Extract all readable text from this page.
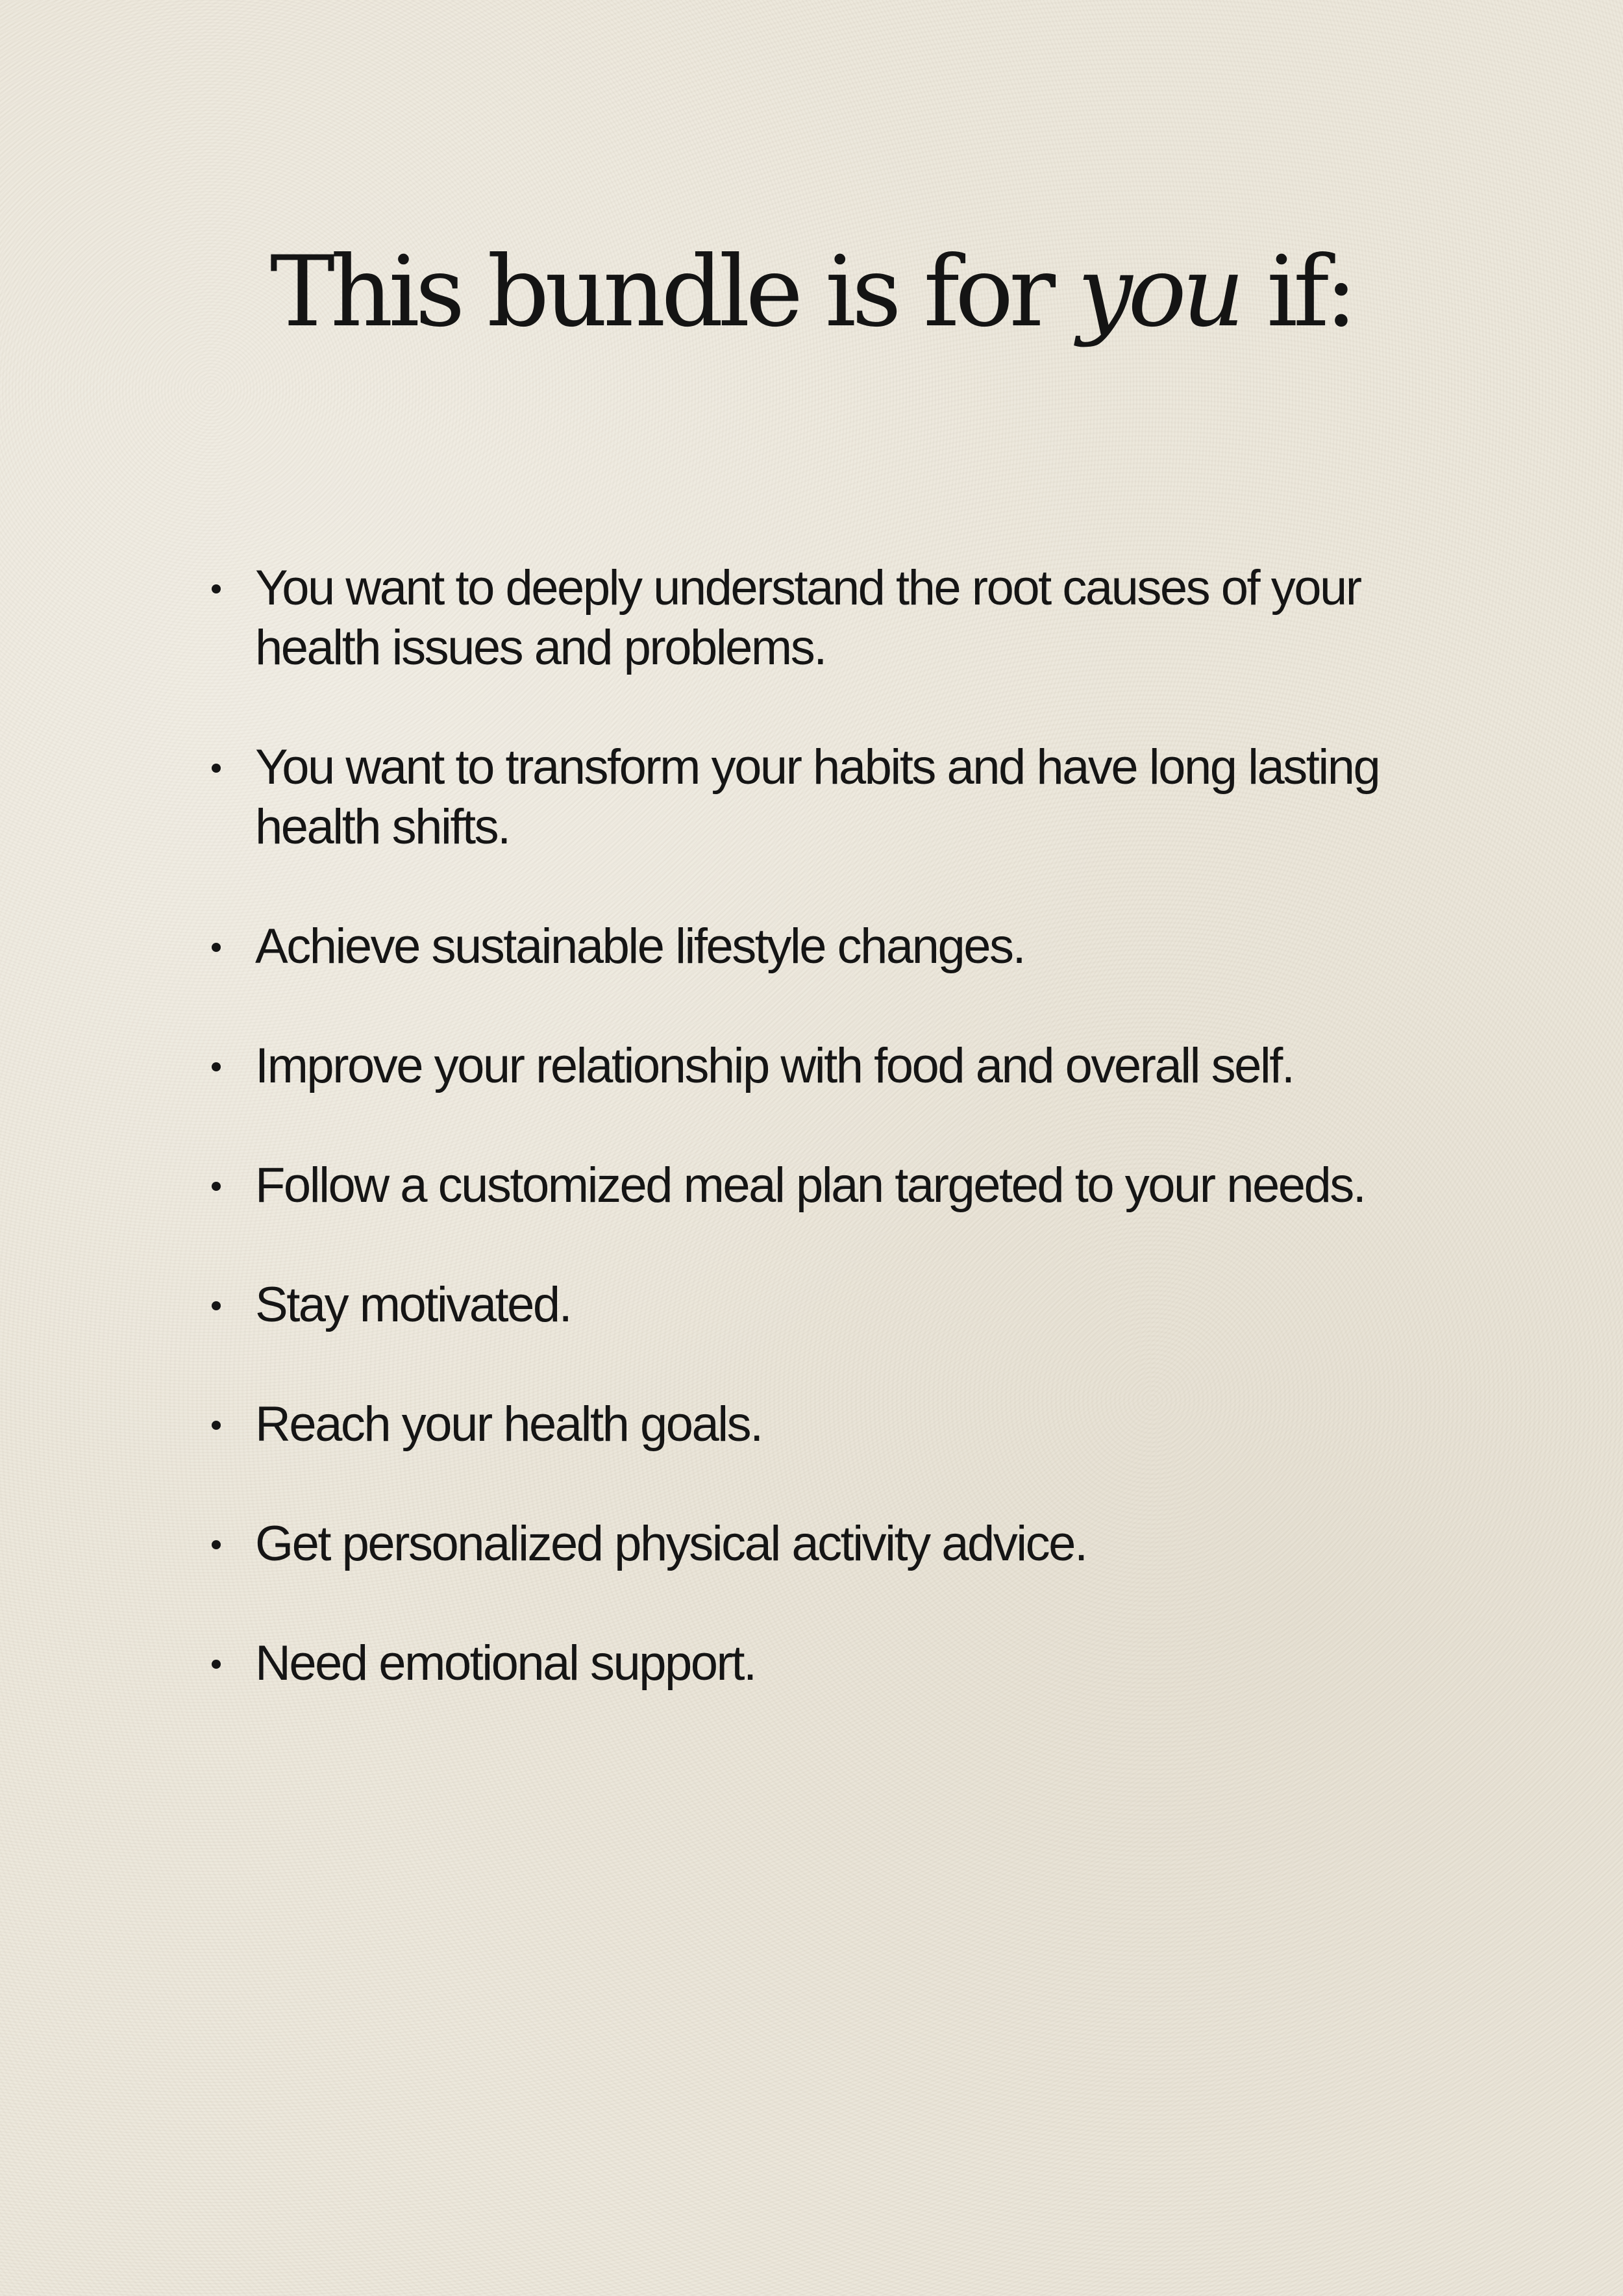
This bundle is for you if:
You want to deeply understand the root causes of your health issues and problems.
You want to transform your habits and have long lasting health shifts.
Achieve sustainable lifestyle changes.
Improve your relationship with food and overall self.
Follow a customized meal plan targeted to your needs.
Stay motivated.
Reach your health goals.
Get personalized physical activity advice.
Need emotional support.
